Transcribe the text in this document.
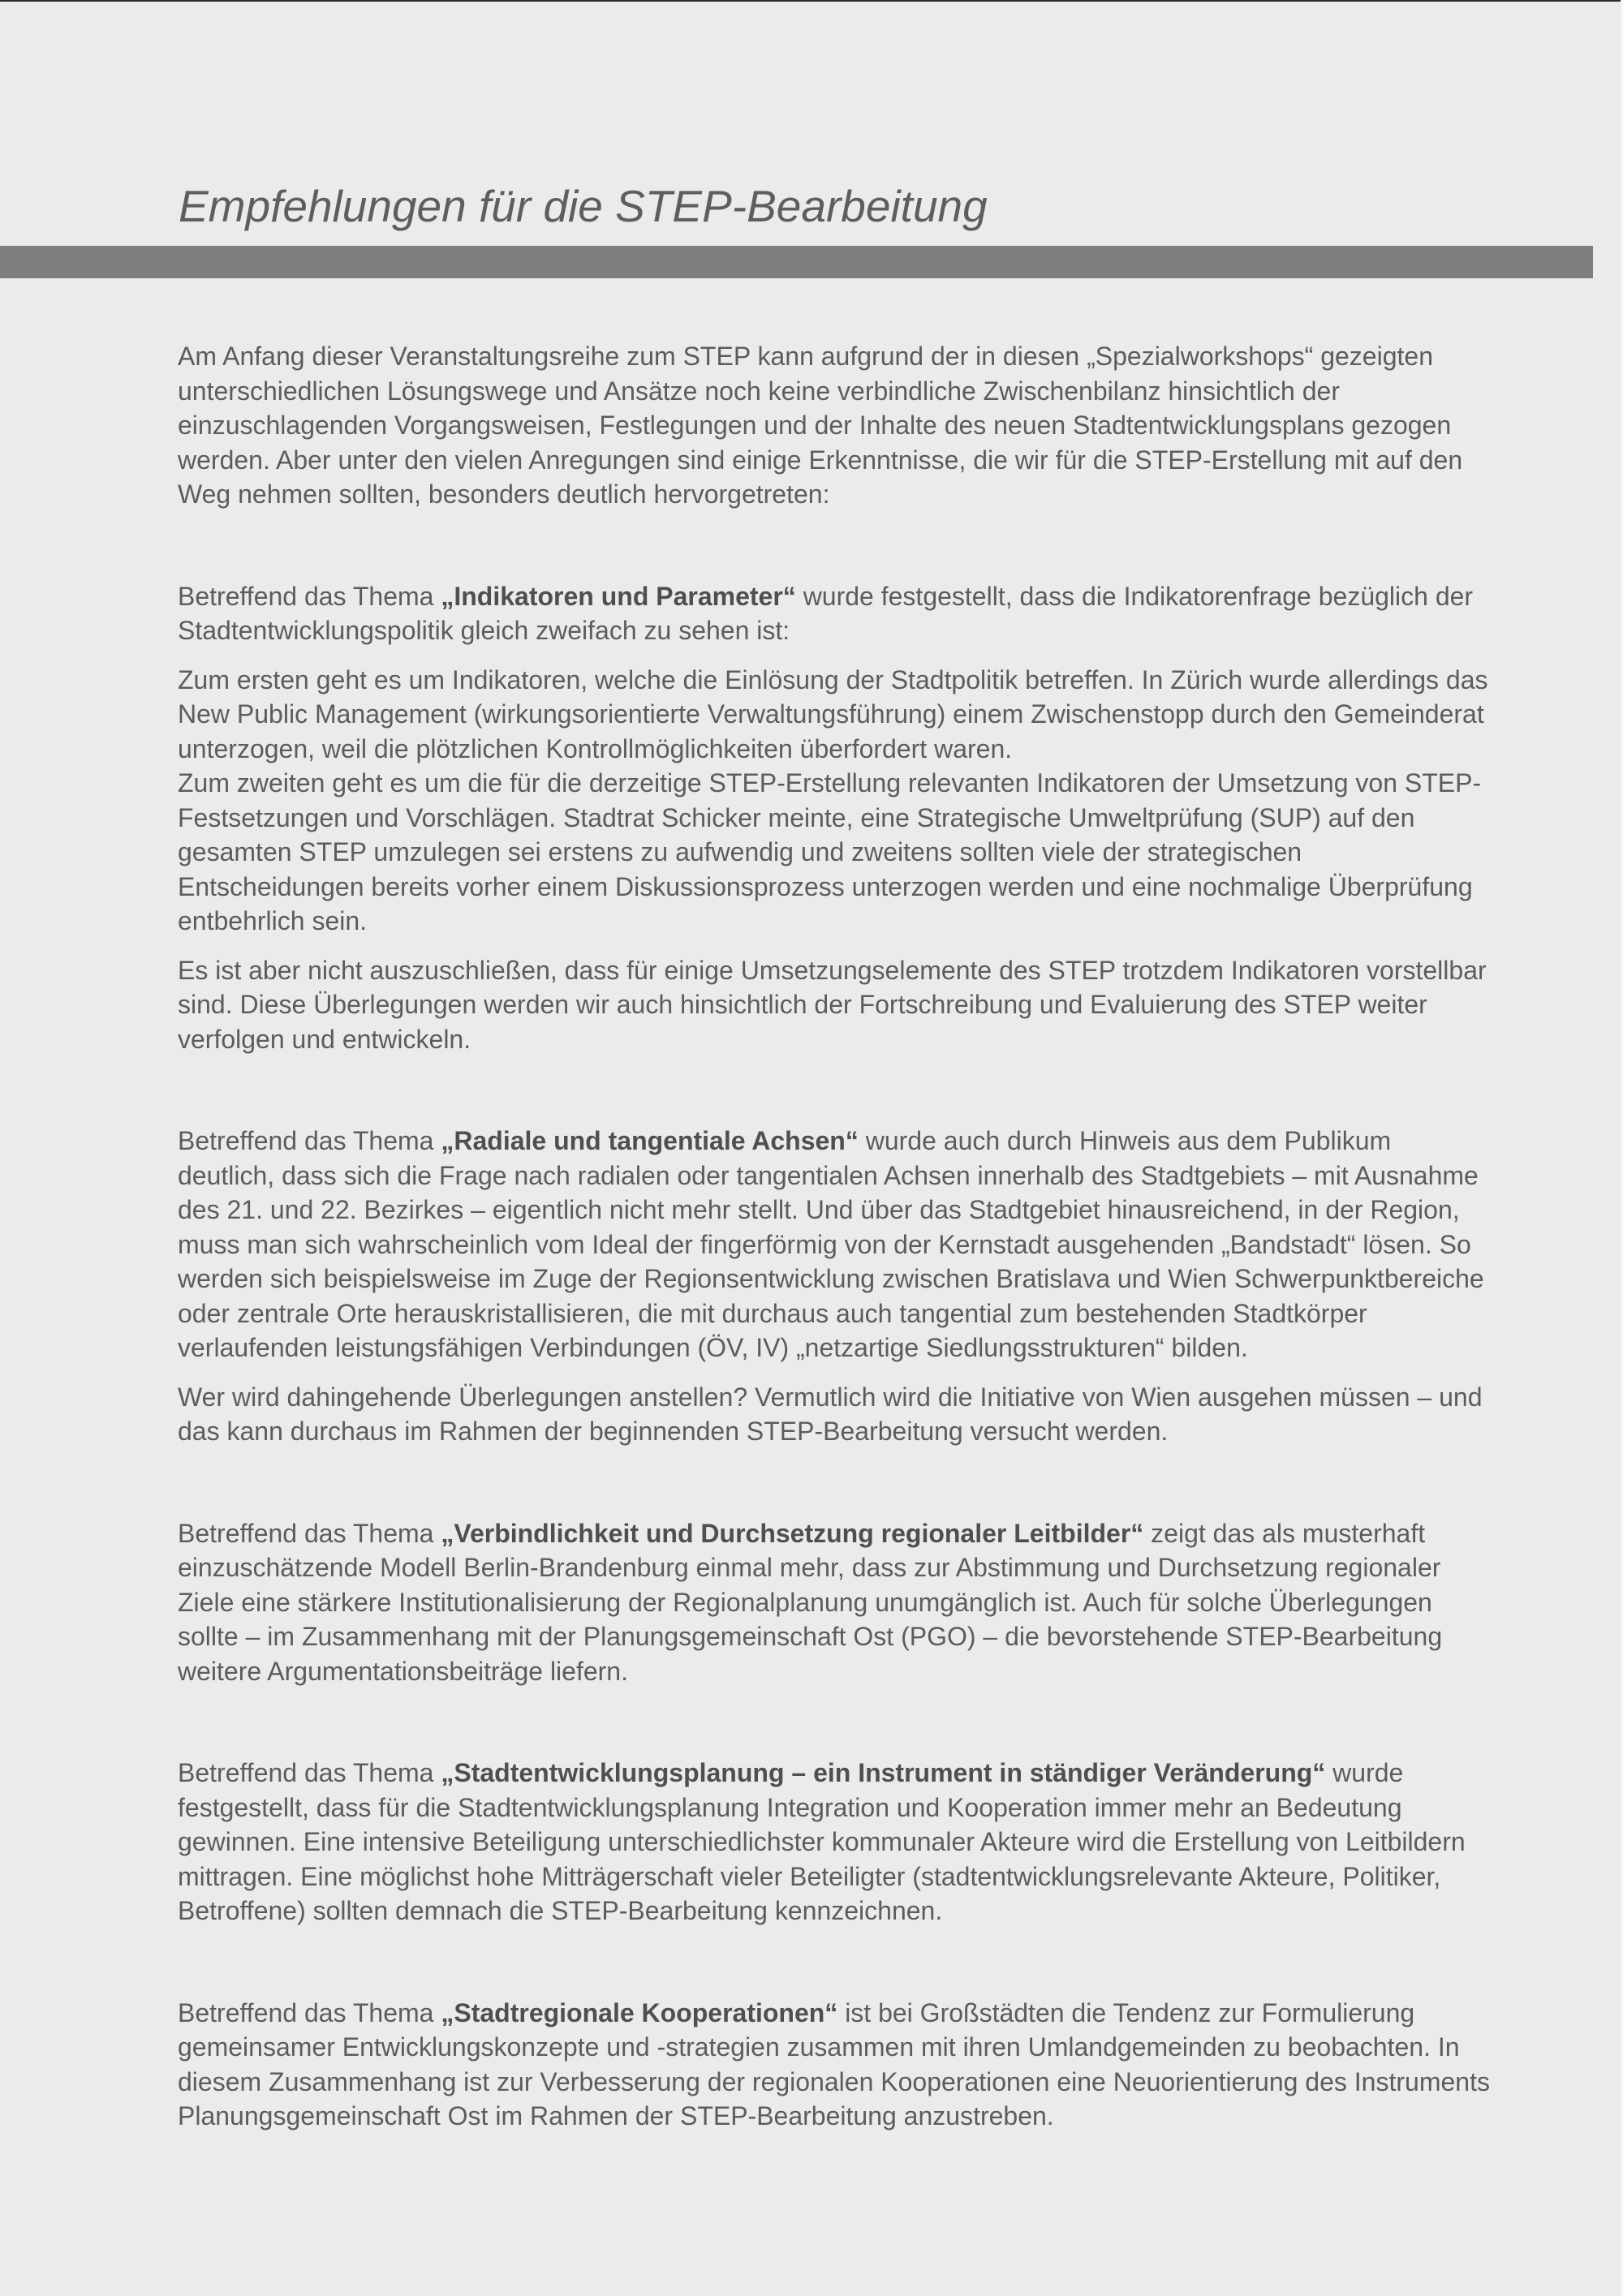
Empfehlungen für die STEP-Bearbeitung

Am Anfang dieser Veranstaltungsreihe zum STEP kann aufgrund der in diesen „Spezialworkshops“ gezeigten unterschiedlichen Lösungswege und Ansätze noch keine verbindliche Zwischenbilanz hinsichtlich der einzuschlagenden Vorgangsweisen, Festlegungen und der Inhalte des neuen Stadtentwicklungsplans gezogen werden. Aber unter den vielen Anregungen sind einige Erkenntnisse, die wir für die STEP-Erstellung mit auf den Weg nehmen sollten, besonders deutlich hervorgetreten:

Betreffend das Thema „Indikatoren und Parameter“ wurde festgestellt, dass die Indikatorenfrage bezüglich der Stadtentwicklungspolitik gleich zweifach zu sehen ist:

Zum ersten geht es um Indikatoren, welche die Einlösung der Stadtpolitik betreffen. In Zürich wurde allerdings das New Public Management (wirkungsorientierte Verwaltungsführung) einem Zwischenstopp durch den Gemeinderat unterzogen, weil die plötzlichen Kontrollmöglichkeiten überfordert waren.

Zum zweiten geht es um die für die derzeitige STEP-Erstellung relevanten Indikatoren der Umsetzung von STEP-Festsetzungen und Vorschlägen. Stadtrat Schicker meinte, eine Strategische Umweltprüfung (SUP) auf den gesamten STEP umzulegen sei erstens zu aufwendig und zweitens sollten viele der strategischen Entscheidungen bereits vorher einem Diskussionsprozess unterzogen werden und eine nochmalige Überprüfung entbehrlich sein.

Es ist aber nicht auszuschließen, dass für einige Umsetzungselemente des STEP trotzdem Indikatoren vorstellbar sind. Diese Überlegungen werden wir auch hinsichtlich der Fortschreibung und Evaluierung des STEP weiter verfolgen und entwickeln.

Betreffend das Thema „Radiale und tangentiale Achsen“ wurde auch durch Hinweis aus dem Publikum deutlich, dass sich die Frage nach radialen oder tangentialen Achsen innerhalb des Stadtgebiets – mit Ausnahme des 21. und 22. Bezirkes – eigentlich nicht mehr stellt. Und über das Stadtgebiet hinausreichend, in der Region, muss man sich wahrscheinlich vom Ideal der fingerförmig von der Kernstadt ausgehenden „Bandstadt“ lösen. So werden sich beispielsweise im Zuge der Regionsentwicklung zwischen Bratislava und Wien Schwerpunktbereiche oder zentrale Orte herauskristallisieren, die mit durchaus auch tangential zum bestehenden Stadtkörper verlaufenden leistungsfähigen Verbindungen (ÖV, IV) „netzartige Siedlungsstrukturen“ bilden.

Wer wird dahingehende Überlegungen anstellen? Vermutlich wird die Initiative von Wien ausgehen müssen – und das kann durchaus im Rahmen der beginnenden STEP-Bearbeitung versucht werden.

Betreffend das Thema „Verbindlichkeit und Durchsetzung regionaler Leitbilder“ zeigt das als musterhaft einzuschätzende Modell Berlin-Brandenburg einmal mehr, dass zur Abstimmung und Durchsetzung regionaler Ziele eine stärkere Institutionalisierung der Regionalplanung unumgänglich ist. Auch für solche Überlegungen sollte – im Zusammenhang mit der Planungsgemeinschaft Ost (PGO) – die bevorstehende STEP-Bearbeitung weitere Argumentationsbeiträge liefern.

Betreffend das Thema „Stadtentwicklungsplanung – ein Instrument in ständiger Veränderung“ wurde festgestellt, dass für die Stadtentwicklungsplanung Integration und Kooperation immer mehr an Bedeutung gewinnen. Eine intensive Beteiligung unterschiedlichster kommunaler Akteure wird die Erstellung von Leitbildern mittragen. Eine möglichst hohe Mitträgerschaft vieler Beteiligter (stadtentwicklungsrelevante Akteure, Politiker, Betroffene) sollten demnach die STEP-Bearbeitung kennzeichnen.

Betreffend das Thema „Stadtregionale Kooperationen“ ist bei Großstädten die Tendenz zur Formulierung gemeinsamer Entwicklungskonzepte und -strategien zusammen mit ihren Umlandgemeinden zu beobachten. In diesem Zusammenhang ist zur Verbesserung der regionalen Kooperationen eine Neuorientierung des Instruments Planungsgemeinschaft Ost im Rahmen der STEP-Bearbeitung anzustreben.
